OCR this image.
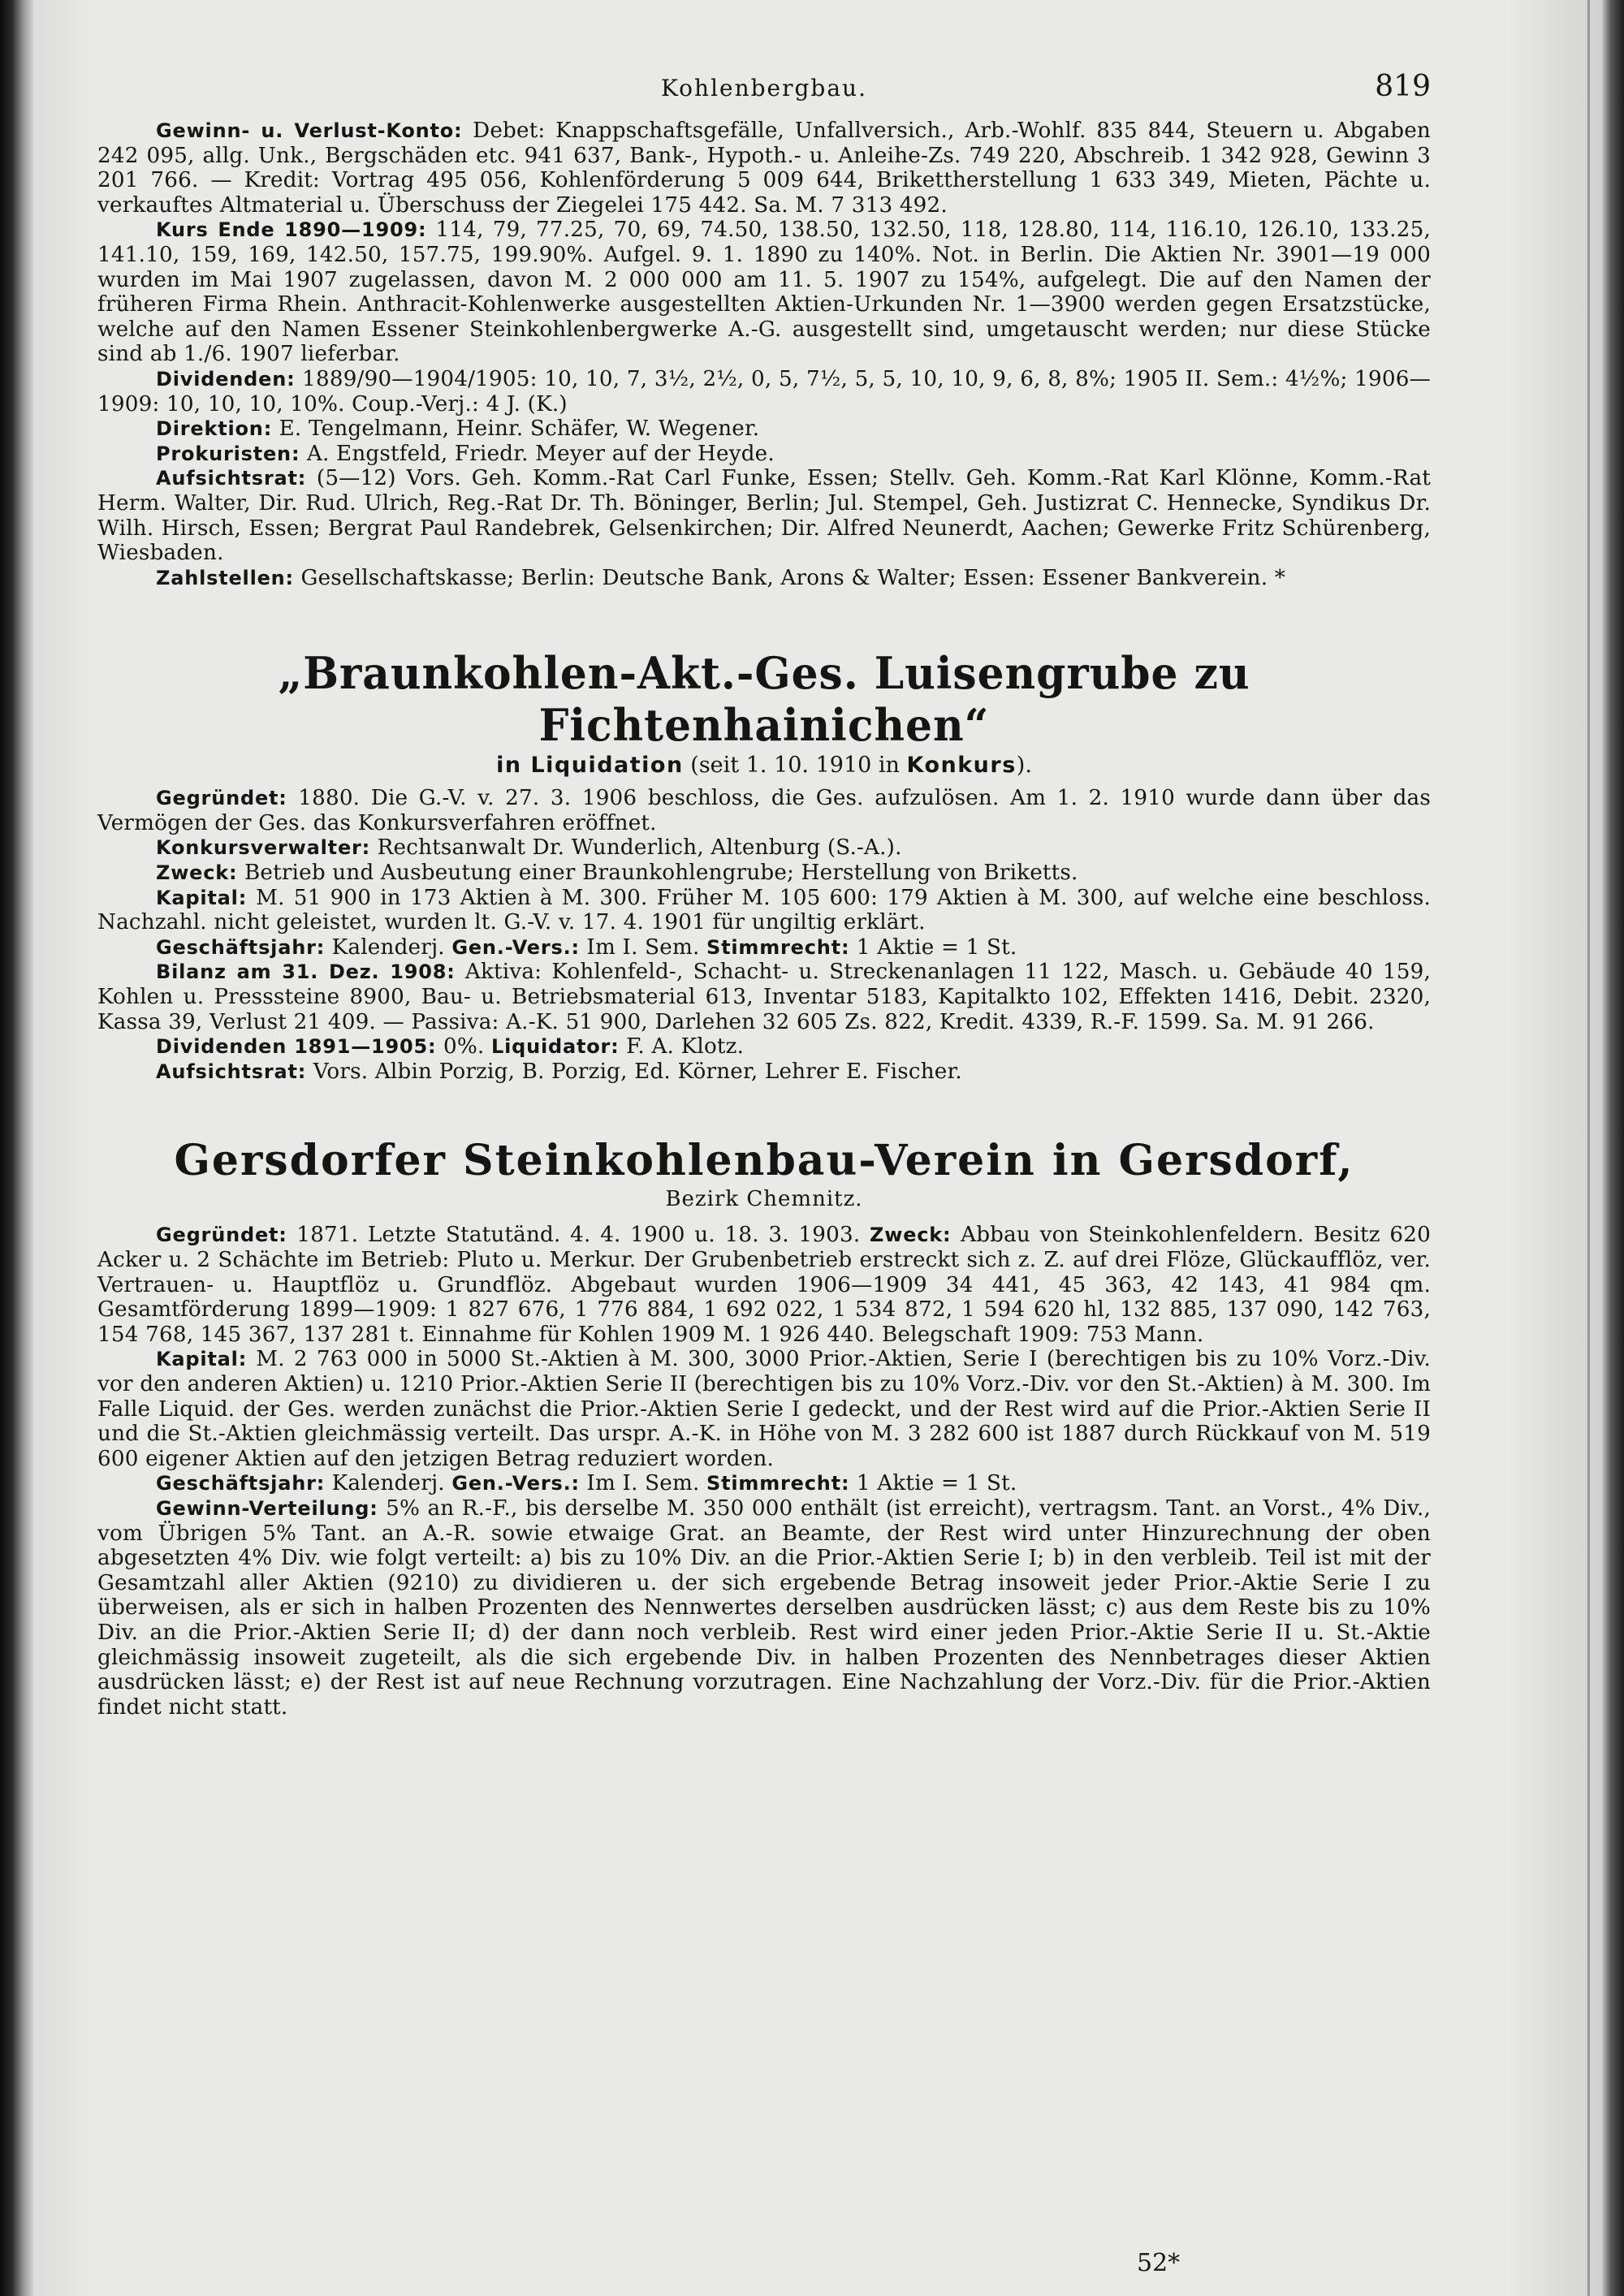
Kohlenbergbau.	819

Gewinn- u. Verlust-Konto: Debet: Knappschaftsgefälle, Unfallversich., Arb.-Wohlf. 835 844, Steuern u. Abgaben 242 095, allg. Unk., Bergschäden etc. 941 637, Bank-, Hypoth.- u. Anleihe-Zs. 749 220, Abschreib. 1 342 928, Gewinn 3 201 766. — Kredit: Vortrag 495 056, Kohlenförderung 5 009 644, Brikettherstellung 1 633 349, Mieten, Pächte u. verkauftes Altmaterial u. Überschuss der Ziegelei 175 442. Sa. M. 7 313 492.

Kurs Ende 1890—1909: 114, 79, 77.25, 70, 69, 74.50, 138.50, 132.50, 118, 128.80, 114, 116.10, 126.10, 133.25, 141.10, 159, 169, 142.50, 157.75, 199.90%. Aufgel. 9. 1. 1890 zu 140%. Not. in Berlin. Die Aktien Nr. 3901—19 000 wurden im Mai 1907 zugelassen, davon M. 2 000 000 am 11. 5. 1907 zu 154%, aufgelegt. Die auf den Namen der früheren Firma Rhein. Anthracit-Kohlenwerke ausgestellten Aktien-Urkunden Nr. 1—3900 werden gegen Ersatzstücke, welche auf den Namen Essener Steinkohlenbergwerke A.-G. ausgestellt sind, umgetauscht werden; nur diese Stücke sind ab 1./6. 1907 lieferbar.

Dividenden: 1889/90—1904/1905: 10, 10, 7, 3½, 2½, 0, 5, 7½, 5, 5, 10, 10, 9, 6, 8, 8%; 1905 II. Sem.: 4½%; 1906—1909: 10, 10, 10, 10%. Coup.-Verj.: 4 J. (K.)

Direktion: E. Tengelmann, Heinr. Schäfer, W. Wegener.

Prokuristen: A. Engstfeld, Friedr. Meyer auf der Heyde.

Aufsichtsrat: (5—12) Vors. Geh. Komm.-Rat Carl Funke, Essen; Stellv. Geh. Komm.-Rat Karl Klönne, Komm.-Rat Herm. Walter, Dir. Rud. Ulrich, Reg.-Rat Dr. Th. Böninger, Berlin; Jul. Stempel, Geh. Justizrat C. Hennecke, Syndikus Dr. Wilh. Hirsch, Essen; Bergrat Paul Randebrek, Gelsenkirchen; Dir. Alfred Neunerdt, Aachen; Gewerke Fritz Schürenberg, Wiesbaden.

Zahlstellen: Gesellschaftskasse; Berlin: Deutsche Bank, Arons & Walter; Essen: Essener Bankverein. *

„Braunkohlen-Akt.-Ges. Luisengrube zu Fichtenhainichen“
in Liquidation (seit 1. 10. 1910 in Konkurs).

Gegründet: 1880. Die G.-V. v. 27. 3. 1906 beschloss, die Ges. aufzulösen. Am 1. 2. 1910 wurde dann über das Vermögen der Ges. das Konkursverfahren eröffnet.

Konkursverwalter: Rechtsanwalt Dr. Wunderlich, Altenburg (S.-A.).

Zweck: Betrieb und Ausbeutung einer Braunkohlengrube; Herstellung von Briketts.

Kapital: M. 51 900 in 173 Aktien à M. 300. Früher M. 105 600: 179 Aktien à M. 300, auf welche eine beschloss. Nachzahl. nicht geleistet, wurden lt. G.-V. v. 17. 4. 1901 für ungiltig erklärt.

Geschäftsjahr: Kalenderj. Gen.-Vers.: Im I. Sem. Stimmrecht: 1 Aktie = 1 St.

Bilanz am 31. Dez. 1908: Aktiva: Kohlenfeld-, Schacht- u. Streckenanlagen 11 122, Masch. u. Gebäude 40 159, Kohlen u. Presssteine 8900, Bau- u. Betriebsmaterial 613, Inventar 5183, Kapitalkto 102, Effekten 1416, Debit. 2320, Kassa 39, Verlust 21 409. — Passiva: A.-K. 51 900, Darlehen 32 605 Zs. 822, Kredit. 4339, R.-F. 1599. Sa. M. 91 266.

Dividenden 1891—1905: 0%. Liquidator: F. A. Klotz.

Aufsichtsrat: Vors. Albin Porzig, B. Porzig, Ed. Körner, Lehrer E. Fischer.

Gersdorfer Steinkohlenbau-Verein in Gersdorf,
Bezirk Chemnitz.

Gegründet: 1871. Letzte Statutänd. 4. 4. 1900 u. 18. 3. 1903. Zweck: Abbau von Steinkohlenfeldern. Besitz 620 Acker u. 2 Schächte im Betrieb: Pluto u. Merkur. Der Grubenbetrieb erstreckt sich z. Z. auf drei Flöze, Glückaufflöz, ver. Vertrauen- u. Hauptflöz u. Grundflöz. Abgebaut wurden 1906—1909 34 441, 45 363, 42 143, 41 984 qm. Gesamtförderung 1899—1909: 1 827 676, 1 776 884, 1 692 022, 1 534 872, 1 594 620 hl, 132 885, 137 090, 142 763, 154 768, 145 367, 137 281 t. Einnahme für Kohlen 1909 M. 1 926 440. Belegschaft 1909: 753 Mann.

Kapital: M. 2 763 000 in 5000 St.-Aktien à M. 300, 3000 Prior.-Aktien, Serie I (berechtigen bis zu 10% Vorz.-Div. vor den anderen Aktien) u. 1210 Prior.-Aktien Serie II (berechtigen bis zu 10% Vorz.-Div. vor den St.-Aktien) à M. 300. Im Falle Liquid. der Ges. werden zunächst die Prior.-Aktien Serie I gedeckt, und der Rest wird auf die Prior.-Aktien Serie II und die St.-Aktien gleichmässig verteilt. Das urspr. A.-K. in Höhe von M. 3 282 600 ist 1887 durch Rückkauf von M. 519 600 eigener Aktien auf den jetzigen Betrag reduziert worden.

Geschäftsjahr: Kalenderj. Gen.-Vers.: Im I. Sem. Stimmrecht: 1 Aktie = 1 St.

Gewinn-Verteilung: 5% an R.-F., bis derselbe M. 350 000 enthält (ist erreicht), vertragsm. Tant. an Vorst., 4% Div., vom Übrigen 5% Tant. an A.-R. sowie etwaige Grat. an Beamte, der Rest wird unter Hinzurechnung der oben abgesetzten 4% Div. wie folgt verteilt: a) bis zu 10% Div. an die Prior.-Aktien Serie I; b) in den verbleib. Teil ist mit der Gesamtzahl aller Aktien (9210) zu dividieren u. der sich ergebende Betrag insoweit jeder Prior.-Aktie Serie I zu überweisen, als er sich in halben Prozenten des Nennwertes derselben ausdrücken lässt; c) aus dem Reste bis zu 10% Div. an die Prior.-Aktien Serie II; d) der dann noch verbleib. Rest wird einer jeden Prior.-Aktie Serie II u. St.-Aktie gleichmässig insoweit zugeteilt, als die sich ergebende Div. in halben Prozenten des Nennbetrages dieser Aktien ausdrücken lässt; e) der Rest ist auf neue Rechnung vorzutragen. Eine Nachzahlung der Vorz.-Div. für die Prior.-Aktien findet nicht statt.

52*
